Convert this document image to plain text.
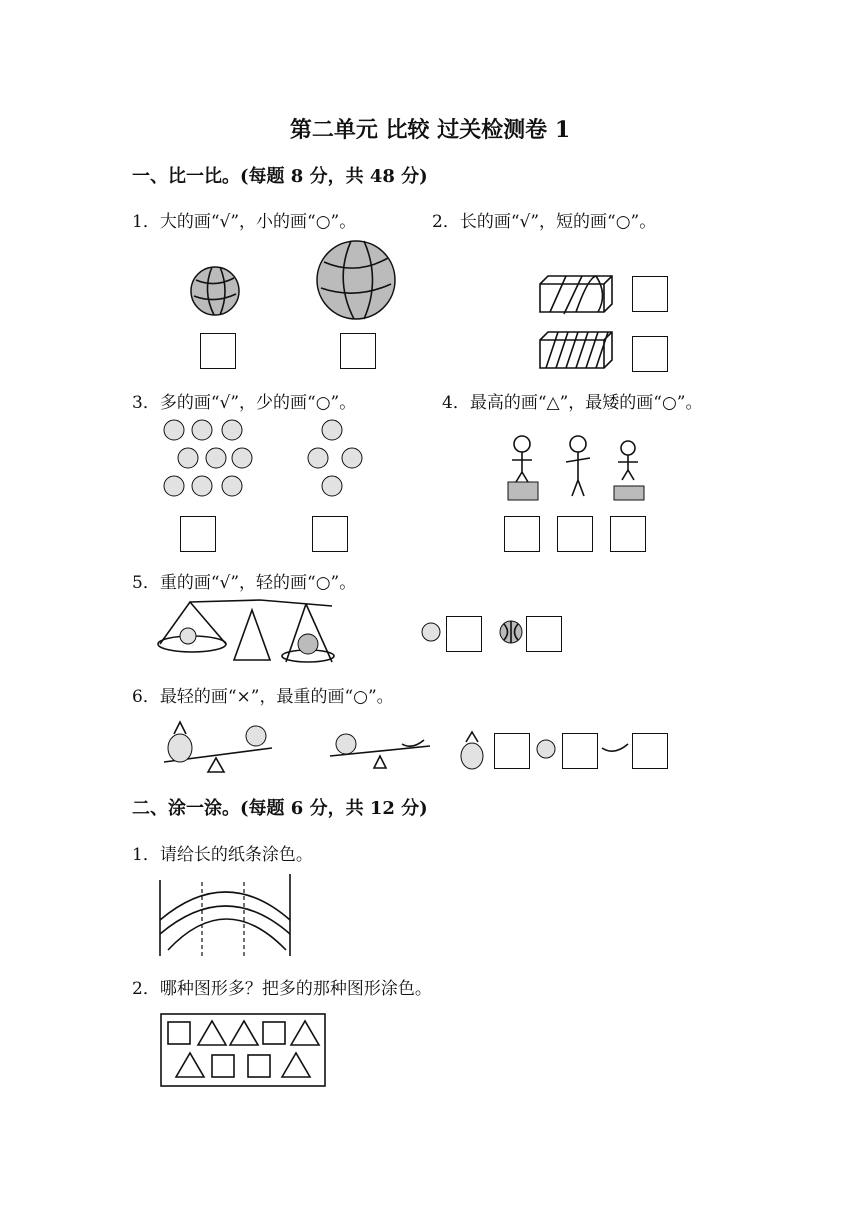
第二单元 比较 过关检测卷 1
一、比一比。(每题 8 分，共 48 分)
1．大的画“√”，小的画“○”。	2．长的画“√”，短的画“○”。
3．多的画“√”，少的画“○”。	4．最高的画“△”，最矮的画“○”。
5．重的画“√”，轻的画“○”。
6．最轻的画“×”，最重的画“○”。
二、涂一涂。(每题 6 分，共 12 分)
1．请给长的纸条涂色。
2．哪种图形多？把多的那种图形涂色。
